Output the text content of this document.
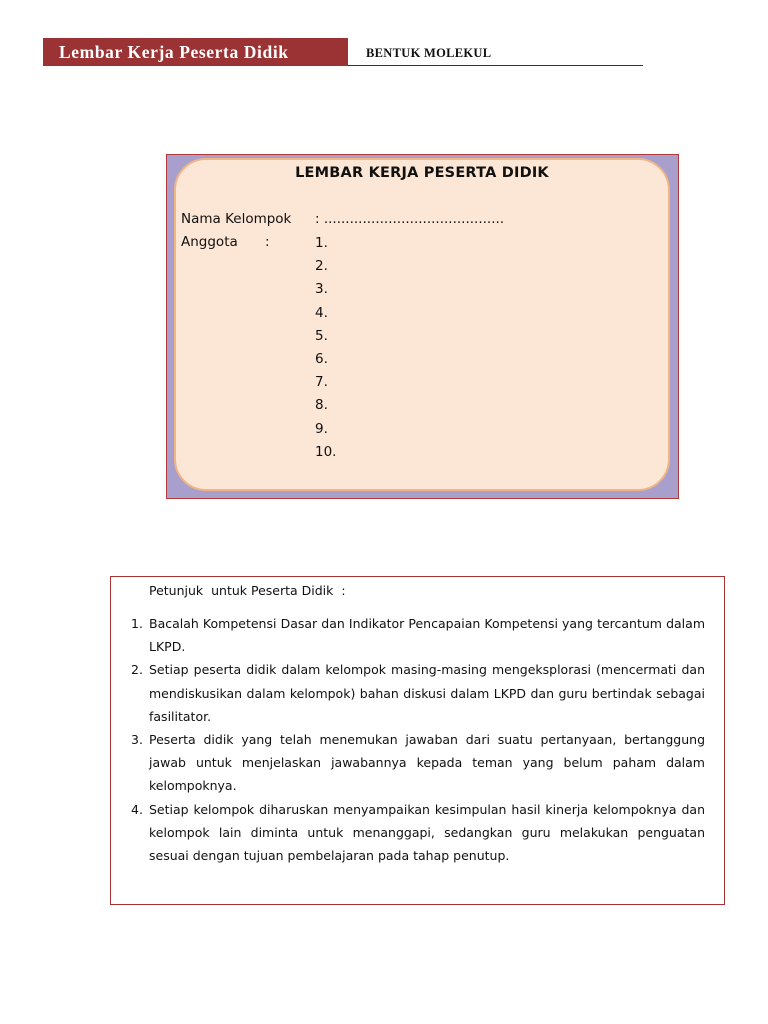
Lembar Kerja Peserta Didik	BENTUK MOLEKUL
LEMBAR KERJA PESERTA DIDIK
Nama Kelompok : ..........................................
Anggota :	1.
2.
3.
4.
5.
6.
7.
8.
9.
10.
Petunjuk  untuk Peserta Didik  :
1. Bacalah Kompetensi Dasar dan Indikator Pencapaian Kompetensi yang tercantum dalam LKPD.
2. Setiap peserta didik dalam kelompok masing-masing mengeksplorasi (mencermati dan mendiskusikan dalam kelompok) bahan diskusi dalam LKPD dan guru bertindak sebagai fasilitator.
3. Peserta didik yang telah menemukan jawaban dari suatu pertanyaan, bertanggung jawab untuk menjelaskan jawabannya kepada teman yang belum paham dalam kelompoknya.
4. Setiap kelompok diharuskan menyampaikan kesimpulan hasil kinerja kelompoknya dan kelompok lain diminta untuk menanggapi, sedangkan guru melakukan penguatan sesuai dengan tujuan pembelajaran pada tahap penutup.
